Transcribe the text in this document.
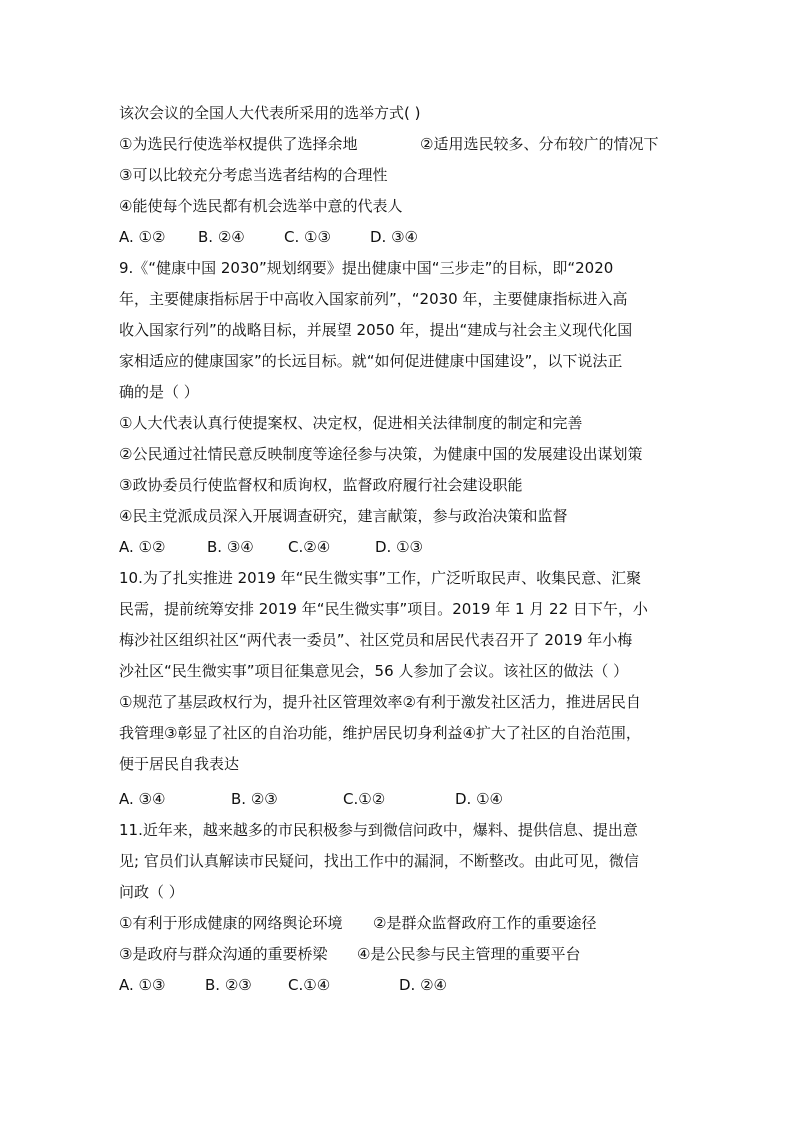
该次会议的全国人大代表所采用的选举方式( )
①为选民行使选举权提供了选择余地	②适用选民较多、分布较广的情况下
③可以比较充分考虑当选者结构的合理性
④能使每个选民都有机会选举中意的代表人
A. ①② B. ②④	C. ①③	D. ③④
9.《“健康中国 2030”规划纲要》提出健康中国“三步走”的目标，即“2020
年，主要健康指标居于中高收入国家前列”，“2030 年，主要健康指标进入高
收入国家行列”的战略目标，并展望 2050 年，提出“建成与社会主义现代化国
家相适应的健康国家”的长远目标。就“如何促进健康中国建设”，以下说法正
确的是（ ）
①人大代表认真行使提案权、决定权，促进相关法律制度的制定和完善
②公民通过社情民意反映制度等途径参与决策，为健康中国的发展建设出谋划策
③政协委员行使监督权和质询权，监督政府履行社会建设职能
④民主党派成员深入开展调查研究，建言献策，参与政治决策和监督
A. ①②	B. ③④ C.②④	D. ①③
10.为了扎实推进 2019 年“民生微实事”工作，广泛听取民声、收集民意、汇聚
民需，提前统筹安排 2019 年“民生微实事”项目。2019 年 1 月 22 日下午，小
梅沙社区组织社区“两代表一委员”、社区党员和居民代表召开了 2019 年小梅
沙社区“民生微实事”项目征集意见会，56 人参加了会议。该社区的做法（ ）
①规范了基层政权行为，提升社区管理效率②有利于激发社区活力，推进居民自
我管理③彰显了社区的自治功能，维护居民切身利益④扩大了社区的自治范围，
便于居民自我表达
A. ③④	B. ②③	C.①②	D. ①④
11.近年来，越来越多的市民积极参与到微信问政中，爆料、提供信息、提出意
见; 官员们认真解读市民疑问，找出工作中的漏洞，不断整改。由此可见，微信
问政（ ）
①有利于形成健康的网络舆论环境 ②是群众监督政府工作的重要途径
③是政府与群众沟通的重要桥梁 ④是公民参与民主管理的重要平台
A. ①③	B. ②③ C.①④	D. ②④
